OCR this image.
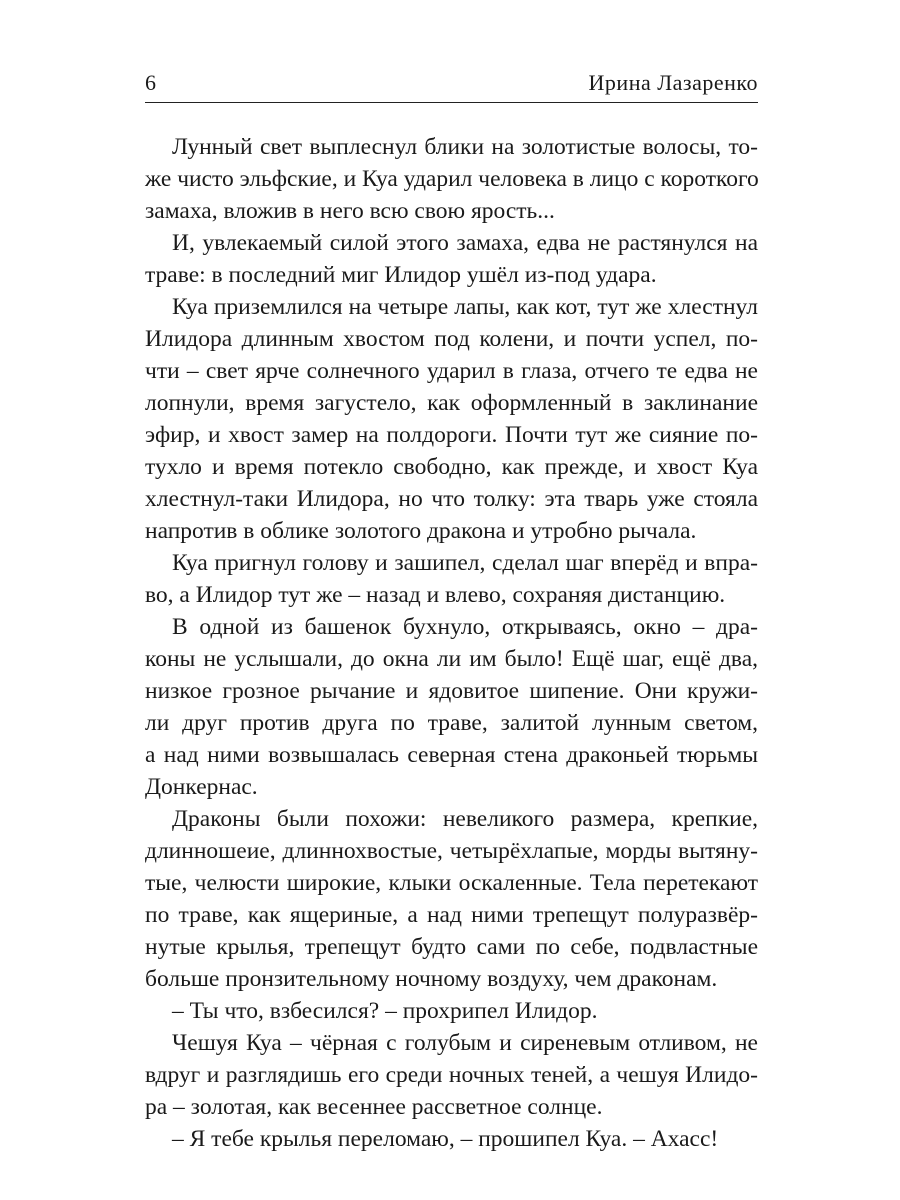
6	Ирина Лазаренко
Лунный свет выплеснул блики на золотистые волосы, то-
же чисто эльфские, и Куа ударил человека в лицо с короткого
замаха, вложив в него всю свою ярость...
И, увлекаемый силой этого замаха, едва не растянулся на
траве: в последний миг Илидор ушёл из-под удара.
Куа приземлился на четыре лапы, как кот, тут же хлестнул
Илидора длинным хвостом под колени, и почти успел, по-
чти – свет ярче солнечного ударил в глаза, отчего те едва не
лопнули, время загустело, как оформленный в заклинание
эфир, и хвост замер на полдороги. Почти тут же сияние по-
тухло и время потекло свободно, как прежде, и хвост Куа
хлестнул-таки Илидора, но что толку: эта тварь уже стояла
напротив в облике золотого дракона и утробно рычала.
Куа пригнул голову и зашипел, сделал шаг вперёд и впра-
во, а Илидор тут же – назад и влево, сохраняя дистанцию.
В одной из башенок бухнуло, открываясь, окно – дра-
коны не услышали, до окна ли им было! Ещё шаг, ещё два,
низкое грозное рычание и ядовитое шипение. Они кружи-
ли друг против друга по траве, залитой лунным светом,
а над ними возвышалась северная стена драконьей тюрьмы
Донкернас.
Драконы были похожи: невеликого размера, крепкие,
длинношеие, длиннохвостые, четырёхлапые, морды вытяну-
тые, челюсти широкие, клыки оскаленные. Тела перетекают
по траве, как ящериные, а над ними трепещут полуразвёр-
нутые крылья, трепещут будто сами по себе, подвластные
больше пронзительному ночному воздуху, чем драконам.
– Ты что, взбесился? – прохрипел Илидор.
Чешуя Куа – чёрная с голубым и сиреневым отливом, не
вдруг и разглядишь его среди ночных теней, а чешуя Илидо-
ра – золотая, как весеннее рассветное солнце.
– Я тебе крылья переломаю, – прошипел Куа. – Ахасс!
